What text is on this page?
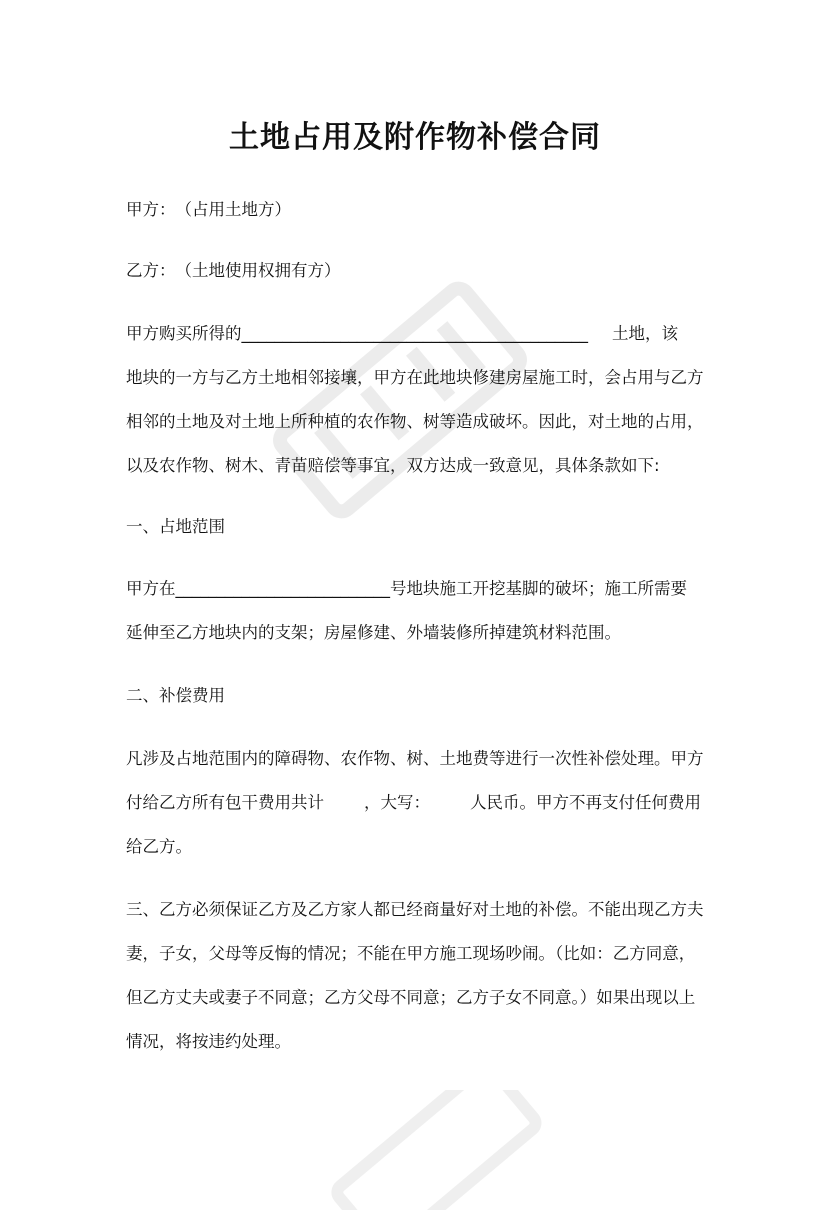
土地占用及附作物补偿合同
甲方：　（占用土地方）
乙方：　（土地使用权拥有方）
甲方购买所得的__________________________________________ 土地，该
地块的一方与乙方土地相邻接壤，甲方在此地块修建房屋施工时，会占用与乙方
相邻的土地及对土地上所种植的农作物、树等造成破坏。因此，对土地的占用，
以及农作物、树木、青苗赔偿等事宜，双方达成一致意见，具体条款如下:
一、占地范围
甲方在__________________________号地块施工开挖基脚的破坏；施工所需要
延伸至乙方地块内的支架；房屋修建、外墙装修所掉建筑材料范围。
二、补偿费用
凡涉及占地范围内的障碍物、农作物、树、土地费等进行一次性补偿处理。甲方
付给乙方所有包干费用共计 ，大写： 人民币。甲方不再支付任何费用
给乙方。
三、乙方必须保证乙方及乙方家人都已经商量好对土地的补偿。不能出现乙方夫
妻，子女，父母等反悔的情况；不能在甲方施工现场吵闹。（比如：乙方同意，
但乙方丈夫或妻子不同意；乙方父母不同意；乙方子女不同意。）如果出现以上
情况，将按违约处理。
